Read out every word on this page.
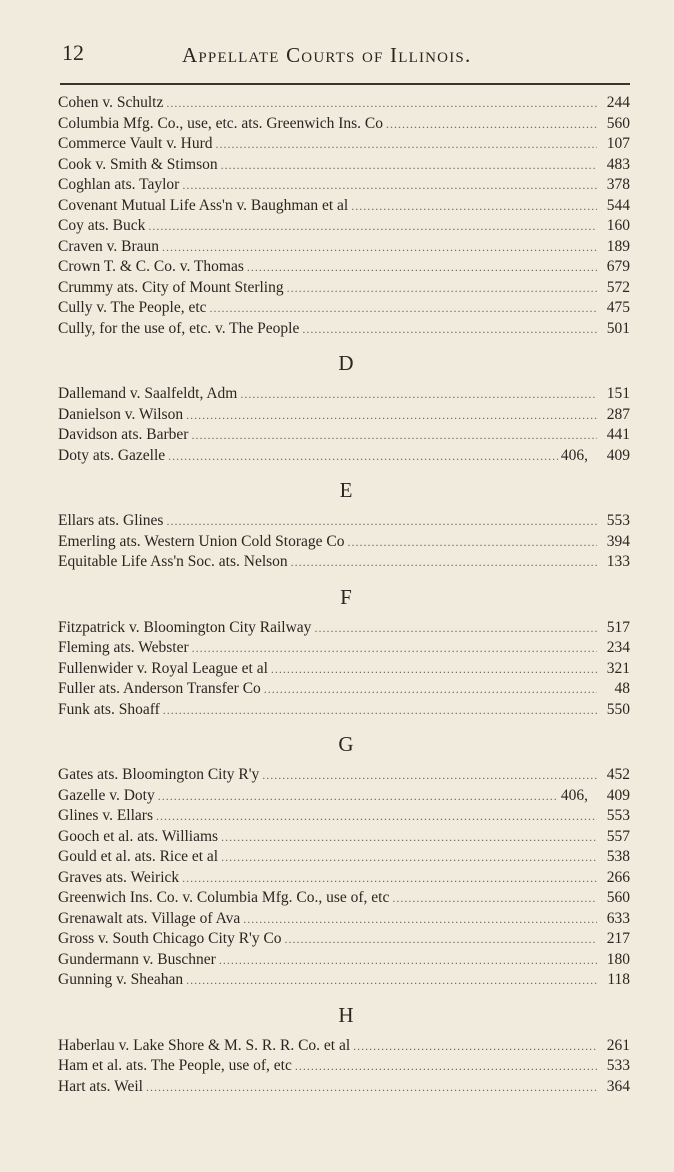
12	Appellate Courts of Illinois.
Cohen v. Schultz .....	244
Columbia Mfg. Co., use, etc. ats. Greenwich Ins. Co .....	560
Commerce Vault v. Hurd .....	107
Cook v. Smith & Stimson .....	483
Coghlan ats. Taylor .....	378
Covenant Mutual Life Ass'n v. Baughman et al .....	544
Coy ats. Buck .....	160
Craven v. Braun .....	189
Crown T. & C. Co. v. Thomas .....	679
Crummy ats. City of Mount Sterling .....	572
Cully v. The People, etc .....	475
Cully, for the use of, etc. v. The People .....	501
D
Dallemand v. Saalfeldt, Adm .....	151
Danielson v. Wilson .....	287
Davidson ats. Barber .....	441
Doty ats. Gazelle .....	406,	409
E
Ellars ats. Glines .....	553
Emerling ats. Western Union Cold Storage Co .....	394
Equitable Life Ass'n Soc. ats. Nelson .....	133
F
Fitzpatrick v. Bloomington City Railway .....	517
Fleming ats. Webster .....	234
Fullenwider v. Royal League et al .....	321
Fuller ats. Anderson Transfer Co .....	48
Funk ats. Shoaff .....	550
G
Gates ats. Bloomington City R'y .....	452
Gazelle v. Doty .....	406,	409
Glines v. Ellars .....	553
Gooch et al. ats. Williams .....	557
Gould et al. ats. Rice et al .....	538
Graves ats. Weirick .....	266
Greenwich Ins. Co. v. Columbia Mfg. Co., use of, etc .....	560
Grenawalt ats. Village of Ava .....	633
Gross v. South Chicago City R'y Co .....	217
Gundermann v. Buschner .....	180
Gunning v. Sheahan .....	118
H
Haberlau v. Lake Shore & M. S. R. R. Co. et al .....	261
Ham et al. ats. The People, use of, etc .....	533
Hart ats. Weil .....	364
